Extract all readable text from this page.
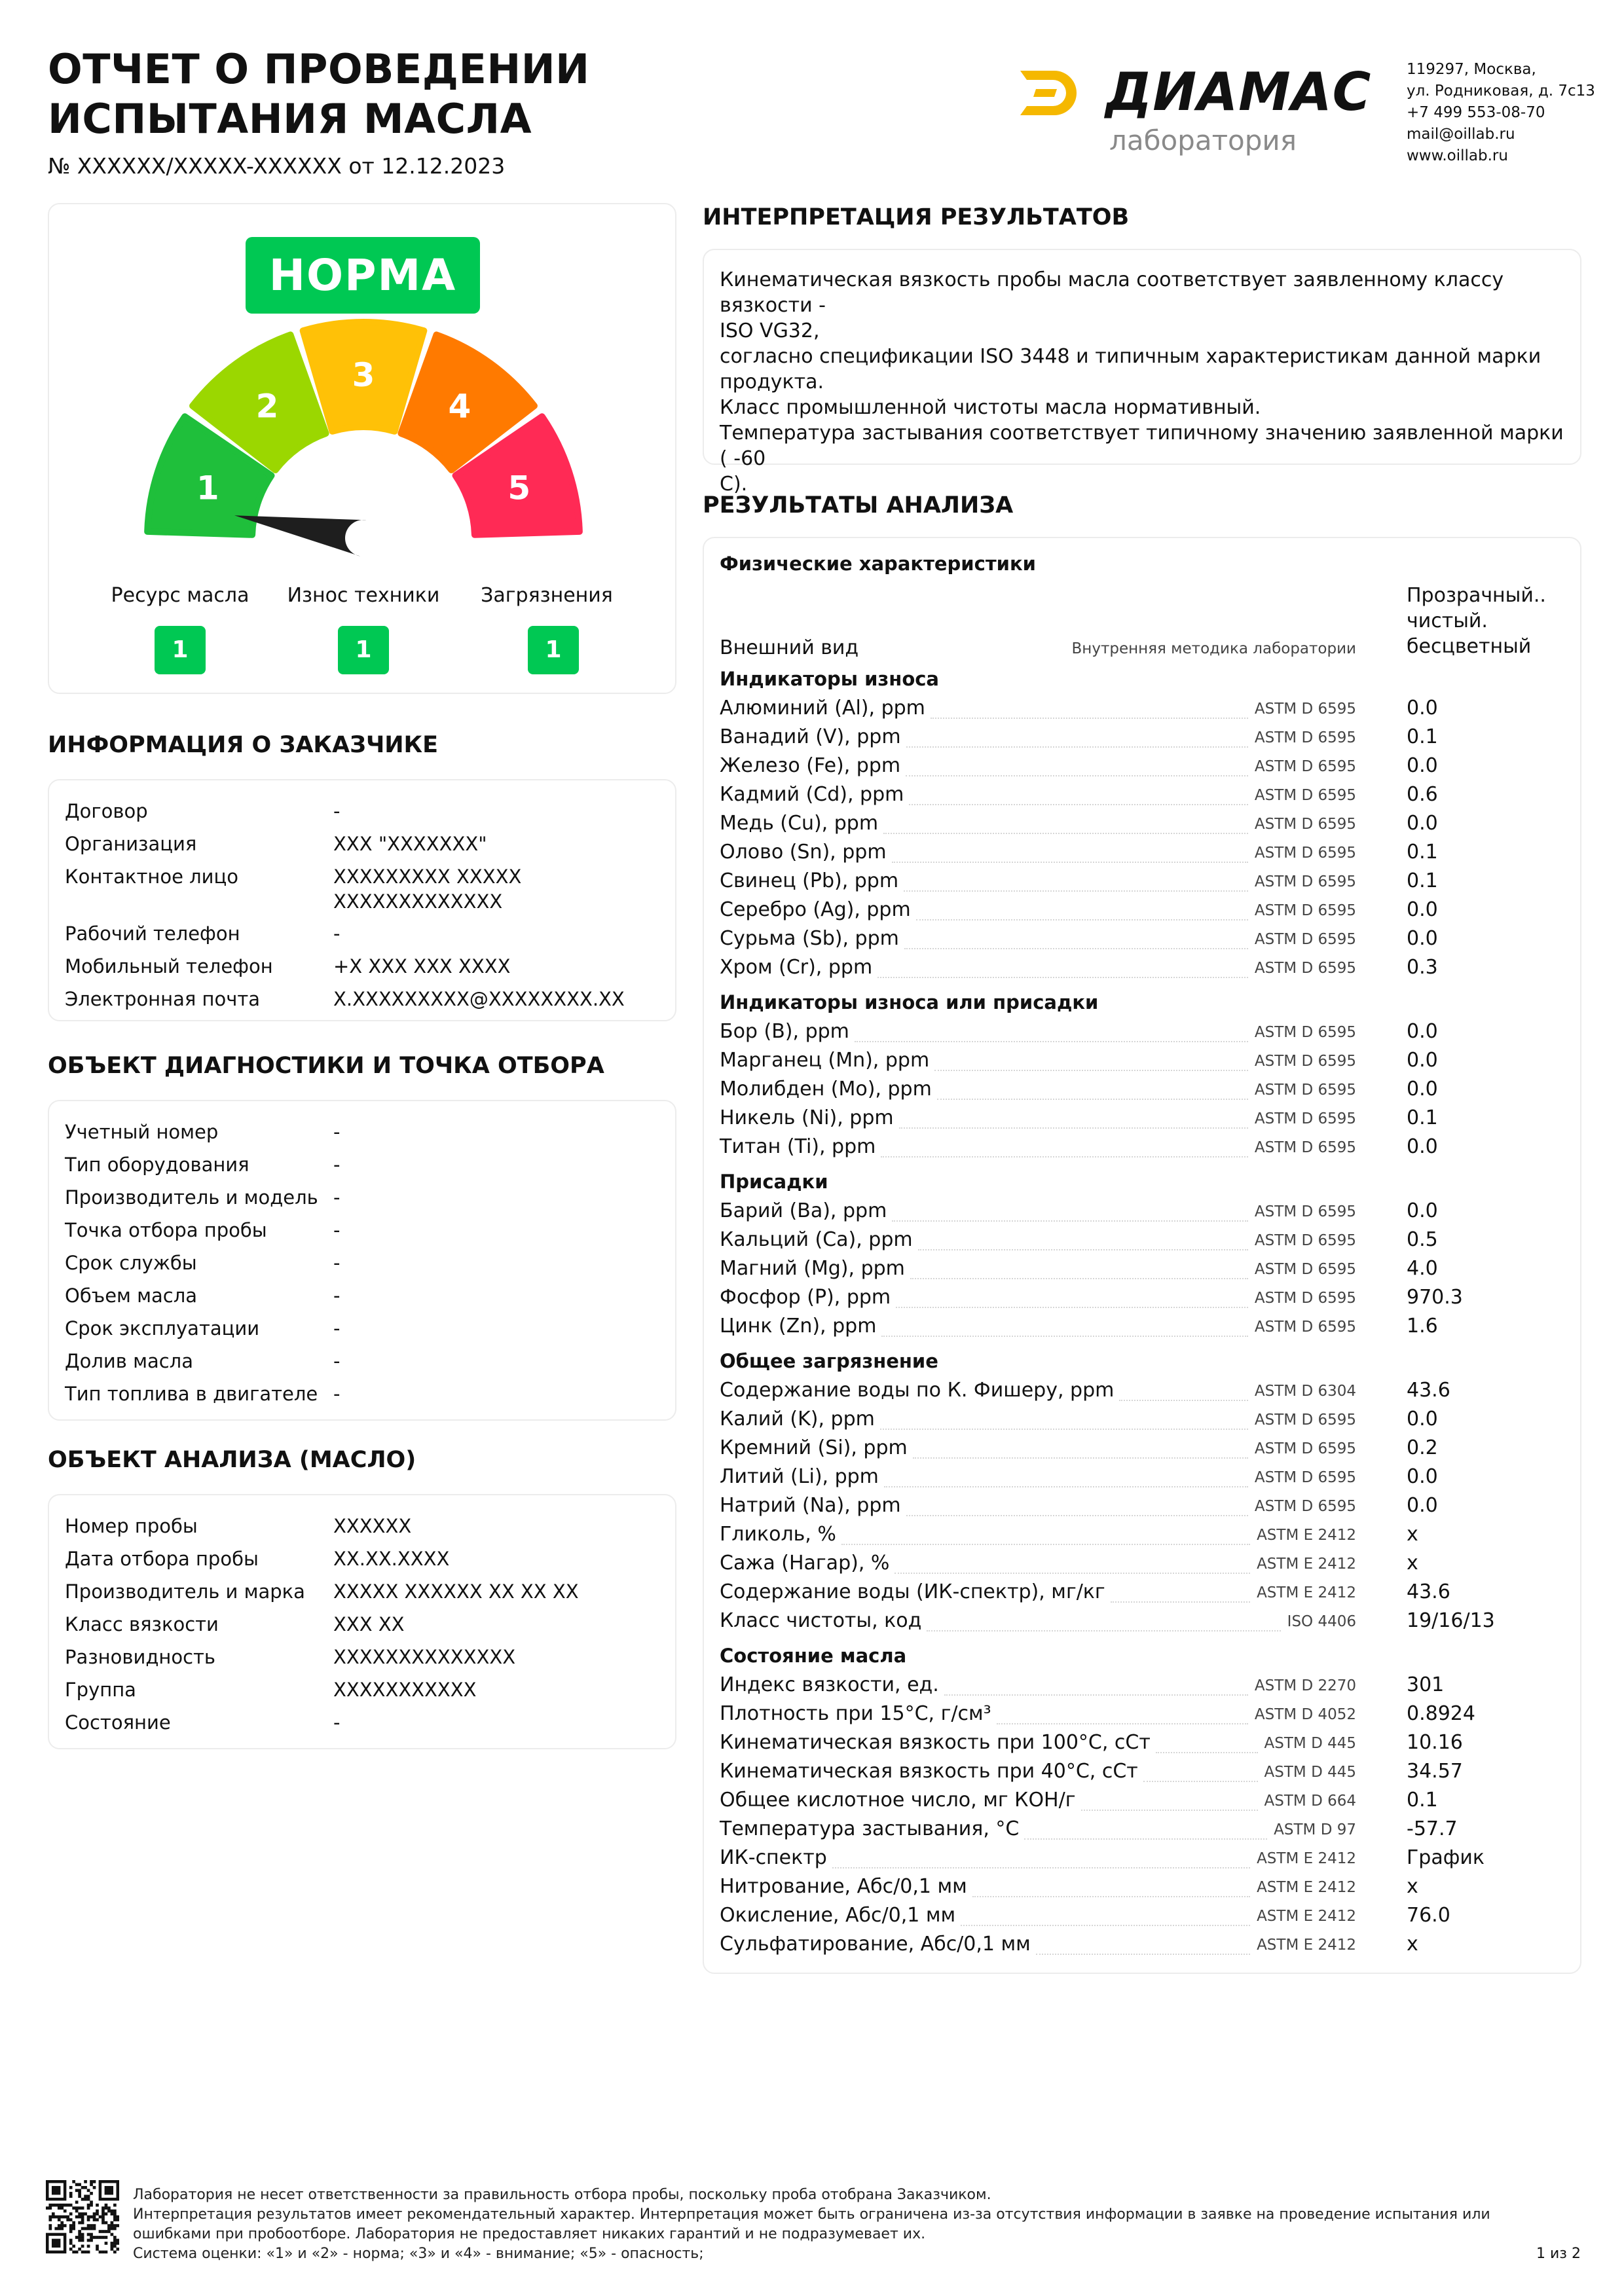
ОТЧЕТ О ПРОВЕДЕНИИ
ИСПЫТАНИЯ МАСЛА
№ XXXXXX/XXXXX-XXXXXX от 12.12.2023
ДИАМАС
лаборатория
119297, Москва,
ул. Родниковая, д. 7с13
+7 499 553-08-70
mail@oillab.ru
www.oillab.ru
НОРМА
1
2
3
4
5
Ресурс масла	Износ техники	Загрязнения
1	1	1
ИНФОРМАЦИЯ О ЗАКАЗЧИКЕ
Договор	-
Организация	XXX "XXXXXXX"
Контактное лицо	XXXXXXXXX XXXXX
XXXXXXXXXXXXX
Рабочий телефон	-
Мобильный телефон	+X XXX XXX XXXX
Электронная почта	X.XXXXXXXXX@XXXXXXXX.XX
ОБЪЕКТ ДИАГНОСТИКИ И ТОЧКА ОТБОРА
Учетный номер	-
Тип оборудования	-
Производитель и модель -
Точка отбора пробы	-
Срок службы	-
Объем масла	-
Срок эксплуатации	-
Долив масла	-
Тип топлива в двигателе -
ОБЪЕКТ АНАЛИЗА (МАСЛО)
Номер пробы	XXXXXX
Дата отбора пробы	XX.XX.XXXX
Производитель и марка	XXXXX XXXXXX XX XX XX
Класс вязкости	XXX XX
Разновидность	XXXXXXXXXXXXXX
Группа	XXXXXXXXXXX
Состояние	-
ИНТЕРПРЕТАЦИЯ РЕЗУЛЬТАТОВ
Кинематическая вязкость пробы масла соответствует заявленному классу вязкости -
ISO VG32,
согласно спецификации ISO 3448 и типичным характеристикам данной марки
продукта.
Класс промышленной чистоты масла нормативный.
Температура застывания соответствует типичному значению заявленной марки ( -60
С).
РЕЗУЛЬТАТЫ АНАЛИЗА
Физические характеристики
Внешний вид	Внутренняя методика лаборатории
Прозрачный..
чистый.
бесцветный
Индикаторы износа
Алюминий (Al), ppm	ASTM D 6595	0.0
Ванадий (V), ppm	ASTM D 6595	0.1
Железо (Fe), ppm	ASTM D 6595	0.0
Кадмий (Cd), ppm	ASTM D 6595	0.6
Медь (Cu), ppm	ASTM D 6595	0.0
Олово (Sn), ppm	ASTM D 6595	0.1
Свинец (Pb), ppm	ASTM D 6595	0.1
Серебро (Ag), ppm	ASTM D 6595	0.0
Сурьма (Sb), ppm	ASTM D 6595	0.0
Хром (Cr), ppm	ASTM D 6595	0.3
Индикаторы износа или присадки
Бор (B), ppm	ASTM D 6595	0.0
Марганец (Mn), ppm	ASTM D 6595	0.0
Молибден (Mo), ppm	ASTM D 6595	0.0
Никель (Ni), ppm	ASTM D 6595	0.1
Титан (Ti), ppm	ASTM D 6595	0.0
Присадки
Барий (Ba), ppm	ASTM D 6595	0.0
Кальций (Ca), ppm	ASTM D 6595	0.5
Магний (Mg), ppm	ASTM D 6595	4.0
Фосфор (P), ppm	ASTM D 6595	970.3
Цинк (Zn), ppm	ASTM D 6595	1.6
Общее загрязнение
Содержание воды по К. Фишеру, ppm	ASTM D 6304	43.6
Калий (K), ppm	ASTM D 6595	0.0
Кремний (Si), ppm	ASTM D 6595	0.2
Литий (Li), ppm	ASTM D 6595	0.0
Натрий (Na), ppm	ASTM D 6595	0.0
Гликоль, %	ASTM E 2412	x
Сажа (Нагар), %	ASTM E 2412	x
Содержание воды (ИК-спектр), мг/кг	ASTM E 2412	43.6
Класс чистоты, код	ISO 4406	19/16/13
Состояние масла
Индекс вязкости, ед.	ASTM D 2270	301
Плотность при 15°С, г/см³	ASTM D 4052	0.8924
Кинематическая вязкость при 100°С, сСт	ASTM D 445	10.16
Кинематическая вязкость при 40°С, сСт	ASTM D 445	34.57
Общее кислотное число, мг КОН/г	ASTM D 664	0.1
Температура застывания, °С	ASTM D 97	-57.7
ИК-спектр	ASTM E 2412	График
Нитрование, Абс/0,1 мм	ASTM E 2412	x
Окисление, Абс/0,1 мм	ASTM E 2412	76.0
Сульфатирование, Абс/0,1 мм	ASTM E 2412	x
Лаборатория не несет ответственности за правильность отбора пробы, поскольку проба отобрана Заказчиком.
Интерпретация результатов имеет рекомендательный характер. Интерпретация может быть ограничена из-за отсутствия информации в заявке на проведение испытания или
ошибками при пробоотборе. Лаборатория не предоставляет никаких гарантий и не подразумевает их.
Система оценки: «1» и «2» - норма; «3» и «4» - внимание; «5» - опасность;	1 из 2
